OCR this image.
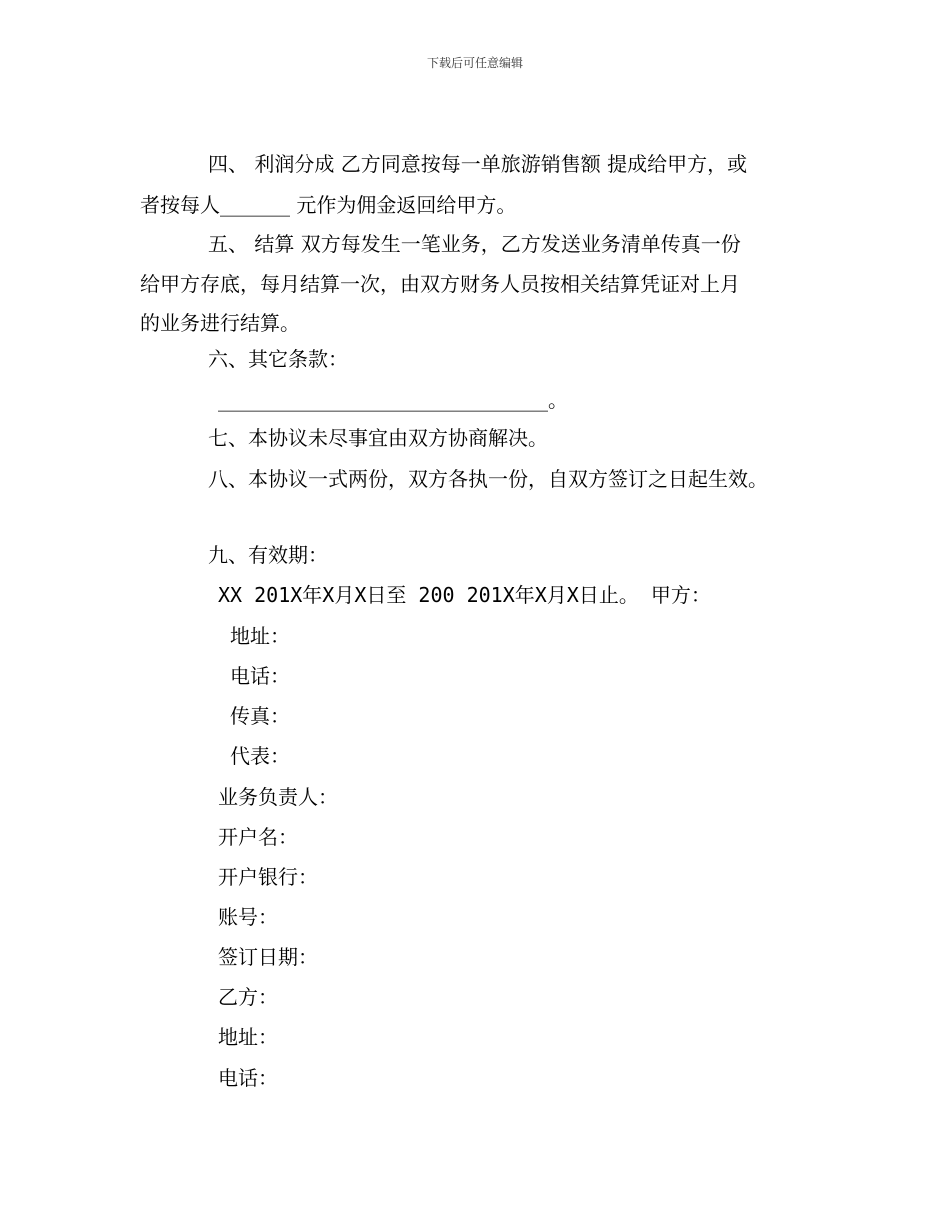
下载后可任意编辑
四、 利润分成 乙方同意按每一单旅游销售额 提成给甲方，或
者按每人_______ 元作为佣金返回给甲方。
五、 结算 双方每发生一笔业务，乙方发送业务清单传真一份
给甲方存底，每月结算一次，由双方财务人员按相关结算凭证对上月
的业务进行结算。
六、其它条款：
_________________________________。
七、本协议未尽事宜由双方协商解决。
八、本协议一式两份，双方各执一份，自双方签订之日起生效。
九、有效期：
XX 201X年X月X日至 200 201X年X月X日止。 甲方：
地址：
电话：
传真：
代表：
业务负责人：
开户名：
开户银行：
账号：
签订日期：
乙方：
地址：
电话：
